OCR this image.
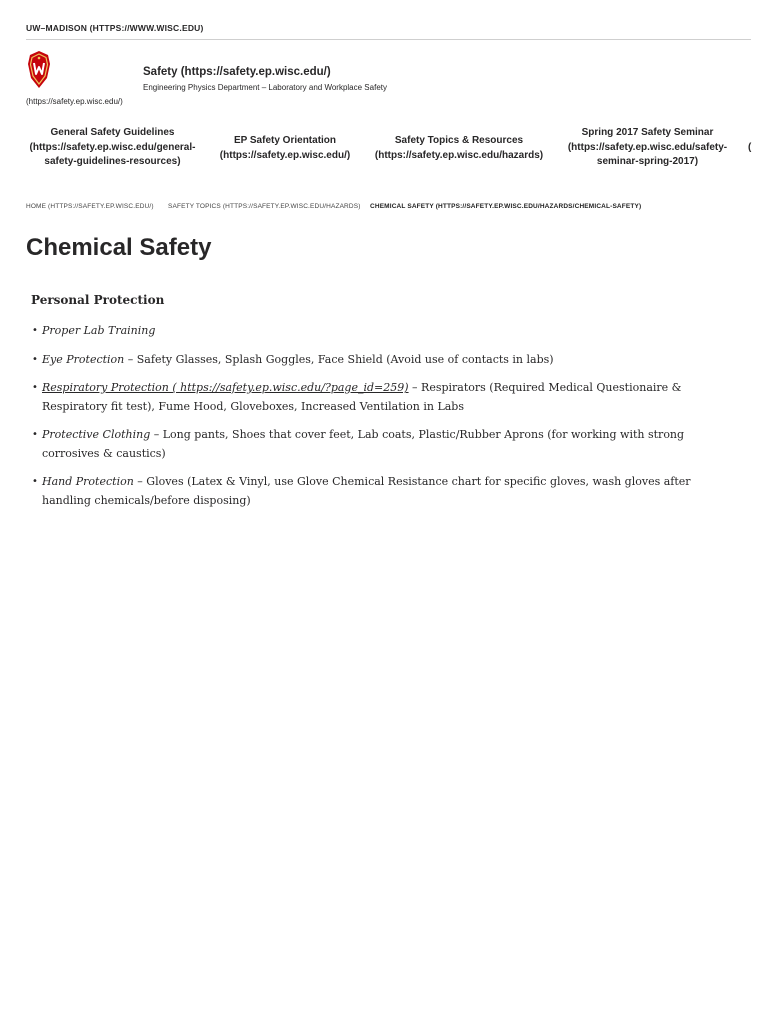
UW–MADISON (HTTPS://WWW.WISC.EDU)
(https://safety.ep.wisc.edu/)
Safety (https://safety.ep.wisc.edu/)
Engineering Physics Department – Laboratory and Workplace Safety
General Safety Guidelines
(https://safety.ep.wisc.edu/general-
safety-guidelines-resources)
EP Safety Orientation
(https://safety.ep.wisc.edu/)
Safety Topics & Resources
(https://safety.ep.wisc.edu/hazards)
Spring 2017 Safety Seminar
(https://safety.ep.wisc.edu/safety-
seminar-spring-2017)
(
HOME (HTTPS://SAFETY.EP.WISC.EDU/) SAFETY TOPICS (HTTPS://SAFETY.EP.WISC.EDU/HAZARDS) CHEMICAL SAFETY (HTTPS://SAFETY.EP.WISC.EDU/HAZARDS/CHEMICAL-SAFETY)
Chemical Safety
Personal Protection
• Proper Lab Training
• Eye Protection – Safety Glasses, Splash Goggles, Face Shield (Avoid use of contacts in labs)
• Respiratory Protection ( https://safety.ep.wisc.edu/?page_id=259) – Respirators (Required Medical Questionaire & Respiratory fit test), Fume Hood, Gloveboxes, Increased Ventilation in Labs
• Protective Clothing – Long pants, Shoes that cover feet, Lab coats, Plastic/Rubber Aprons (for working with strong corrosives & caustics)
• Hand Protection – Gloves (Latex & Vinyl, use Glove Chemical Resistance chart for specific gloves, wash gloves after handling chemicals/before disposing)
